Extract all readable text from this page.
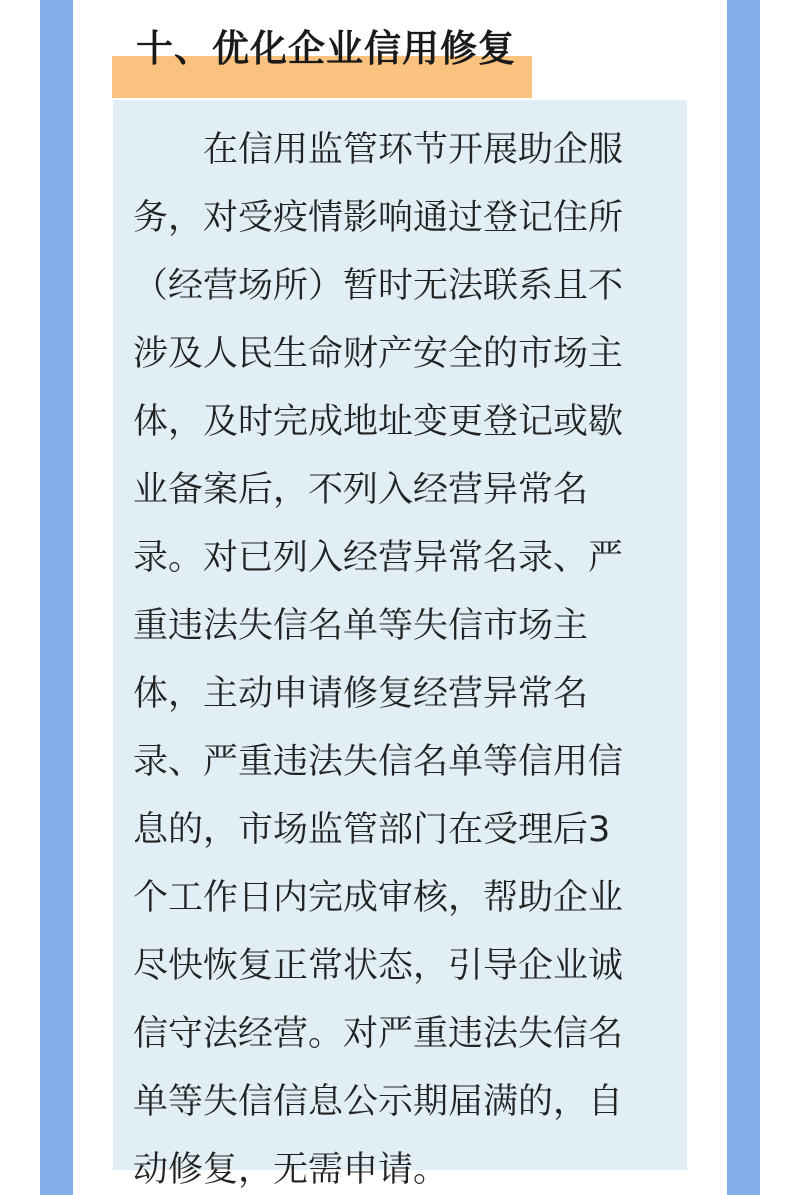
十、优化企业信用修复

　　在信用监管环节开展助企服

务，对受疫情影响通过登记住所

（经营场所）暂时无法联系且不

涉及人民生命财产安全的市场主

体，及时完成地址变更登记或歇

业备案后，不列入经营异常名

录。对已列入经营异常名录、严

重违法失信名单等失信市场主

体，主动申请修复经营异常名

录、严重违法失信名单等信用信

息的，市场监管部门在受理后3

个工作日内完成审核，帮助企业

尽快恢复正常状态，引导企业诚

信守法经营。对严重违法失信名

单等失信信息公示期届满的，自

动修复，无需申请。
